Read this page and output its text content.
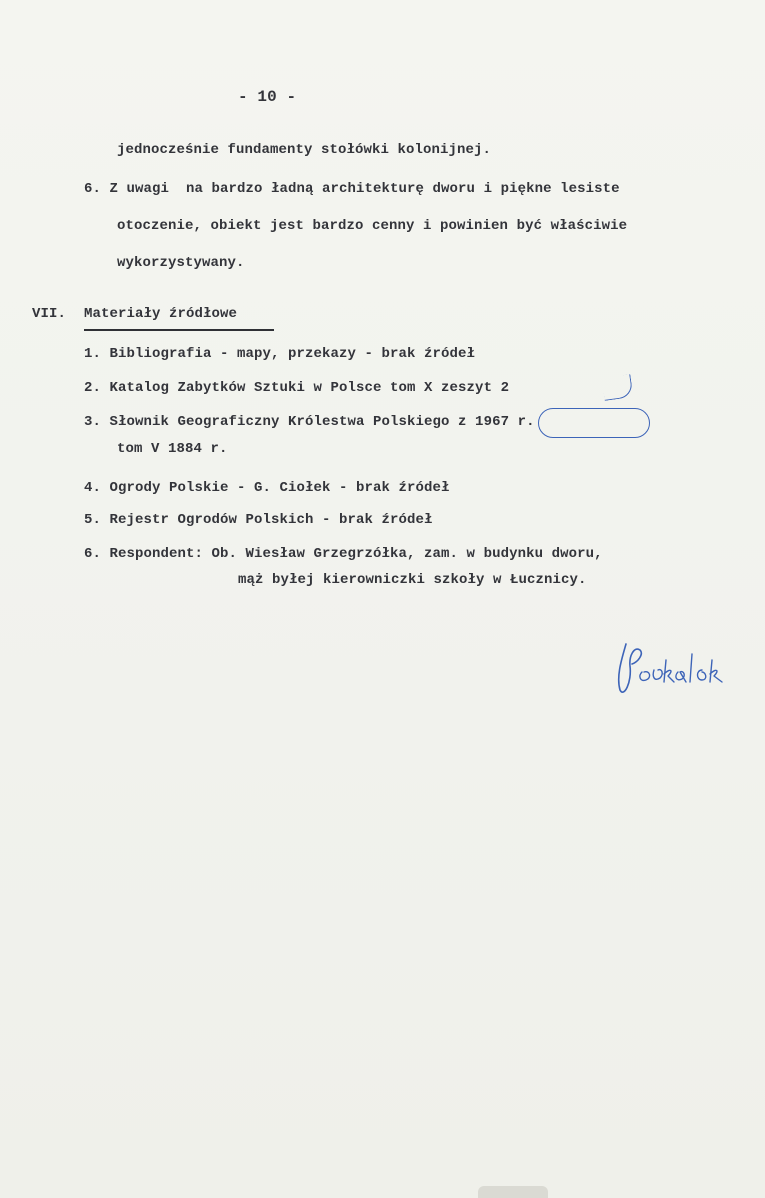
- 10 -
jednocześnie fundamenty stołówki kolonijnej.
6. Z uwagi  na bardzo ładną architekturę dworu i piękne lesiste
otoczenie, obiekt jest bardzo cenny i powinien być właściwie
wykorzystywany.
VII. Materiały źródłowe
1. Bibliografia - mapy, przekazy - brak źródeł
2. Katalog Zabytków Sztuki w Polsce tom X zeszyt 2
3. Słownik Geograficzny Królestwa Polskiego z 1967 r.
tom V 1884 r.
4. Ogrody Polskie - G. Ciołek - brak źródeł
5. Rejestr Ogrodów Polskich - brak źródeł
6. Respondent: Ob. Wiesław Grzegrzółka, zam. w budynku dworu,
mąż byłej kierowniczki szkoły w Łucznicy.
